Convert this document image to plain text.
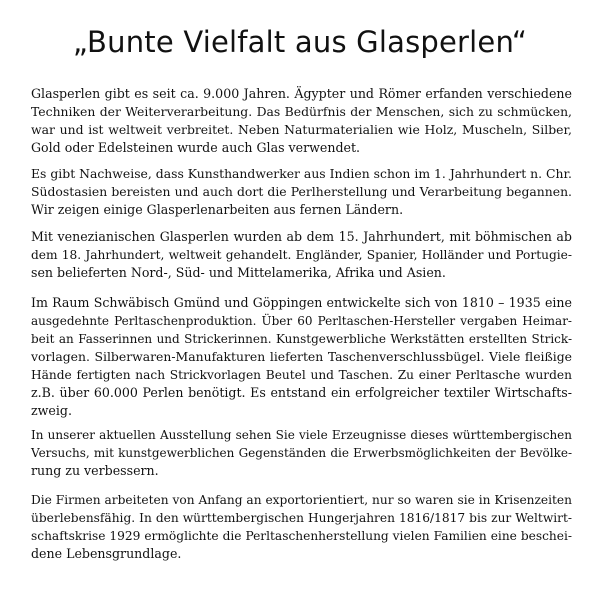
„Bunte Vielfalt aus Glasperlen“

Glasperlen gibt es seit ca. 9.000 Jahren. Ägypter und Römer erfanden verschiedene
Techniken der Weiterverarbeitung. Das Bedürfnis der Menschen, sich zu schmücken,
war und ist weltweit verbreitet. Neben Naturmaterialien wie Holz, Muscheln, Silber,
Gold oder Edelsteinen wurde auch Glas verwendet.

Es gibt Nachweise, dass Kunsthandwerker aus Indien schon im 1. Jahrhundert n. Chr.
Südostasien bereisten und auch dort die Perlherstellung und Verarbeitung begannen.
Wir zeigen einige Glasperlenarbeiten aus fernen Ländern.

Mit venezianischen Glasperlen wurden ab dem 15. Jahrhundert, mit böhmischen ab
dem 18. Jahrhundert, weltweit gehandelt. Engländer, Spanier, Holländer und Portugie-
sen belieferten Nord-, Süd- und Mittelamerika, Afrika und Asien.

Im Raum Schwäbisch Gmünd und Göppingen entwickelte sich von 1810 – 1935 eine
ausgedehnte Perltaschenproduktion. Über 60 Perltaschen-Hersteller vergaben Heimar-
beit an Fasserinnen und Strickerinnen. Kunstgewerbliche Werkstätten erstellten Strick-
vorlagen. Silberwaren-Manufakturen lieferten Taschenverschlussbügel. Viele fleißige
Hände fertigten nach Strickvorlagen Beutel und Taschen. Zu einer Perltasche wurden
z.B. über 60.000 Perlen benötigt. Es entstand ein erfolgreicher textiler Wirtschafts-
zweig.

In unserer aktuellen Ausstellung sehen Sie viele Erzeugnisse dieses württembergischen
Versuchs, mit kunstgewerblichen Gegenständen die Erwerbsmöglichkeiten der Bevölke-
rung zu verbessern.

Die Firmen arbeiteten von Anfang an exportorientiert, nur so waren sie in Krisenzeiten
überlebensfähig. In den württembergischen Hungerjahren 1816/1817 bis zur Weltwirt-
schaftskrise 1929 ermöglichte die Perltaschenherstellung vielen Familien eine beschei-
dene Lebensgrundlage.
